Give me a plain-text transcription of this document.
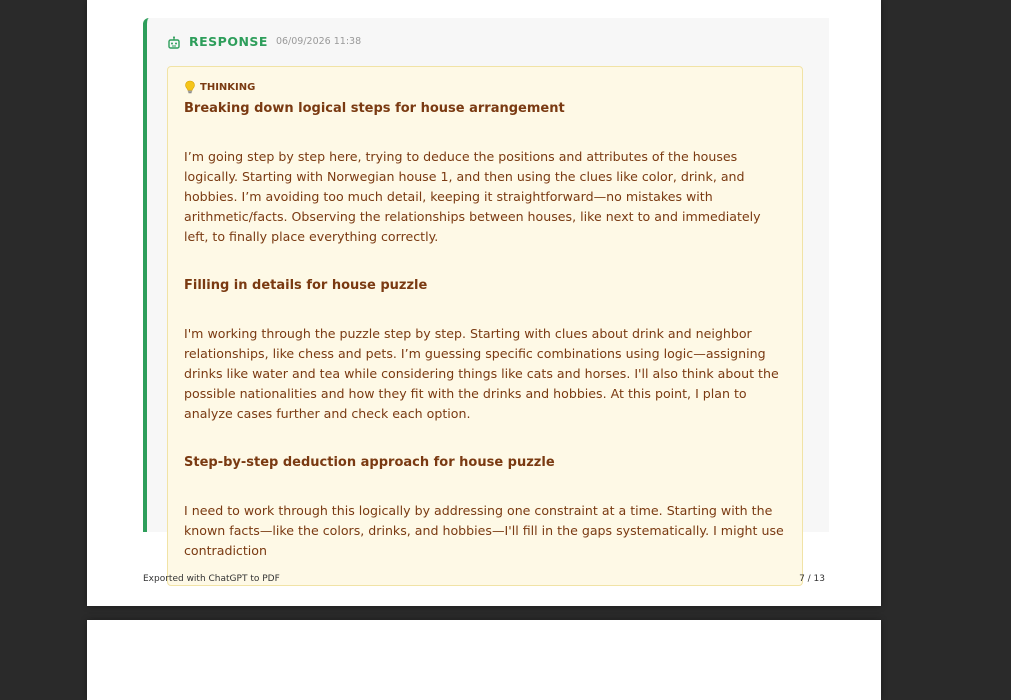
RESPONSE 06/09/2026 11:38
THINKING
Breaking down logical steps for house arrangement
I’m going step by step here, trying to deduce the positions and attributes of the houses logically. Starting with Norwegian house 1, and then using the clues like color, drink, and hobbies. I’m avoiding too much detail, keeping it straightforward—no mistakes with arithmetic/facts. Observing the relationships between houses, like next to and immediately left, to finally place everything correctly.
Filling in details for house puzzle
I'm working through the puzzle step by step. Starting with clues about drink and neighbor relationships, like chess and pets. I’m guessing specific combinations using logic—assigning drinks like water and tea while considering things like cats and horses. I'll also think about the possible nationalities and how they fit with the drinks and hobbies. At this point, I plan to analyze cases further and check each option.
Step-by-step deduction approach for house puzzle
I need to work through this logically by addressing one constraint at a time. Starting with the known facts—like the colors, drinks, and hobbies—I'll fill in the gaps systematically. I might use contradiction
Exported with ChatGPT to PDF	7 / 13
